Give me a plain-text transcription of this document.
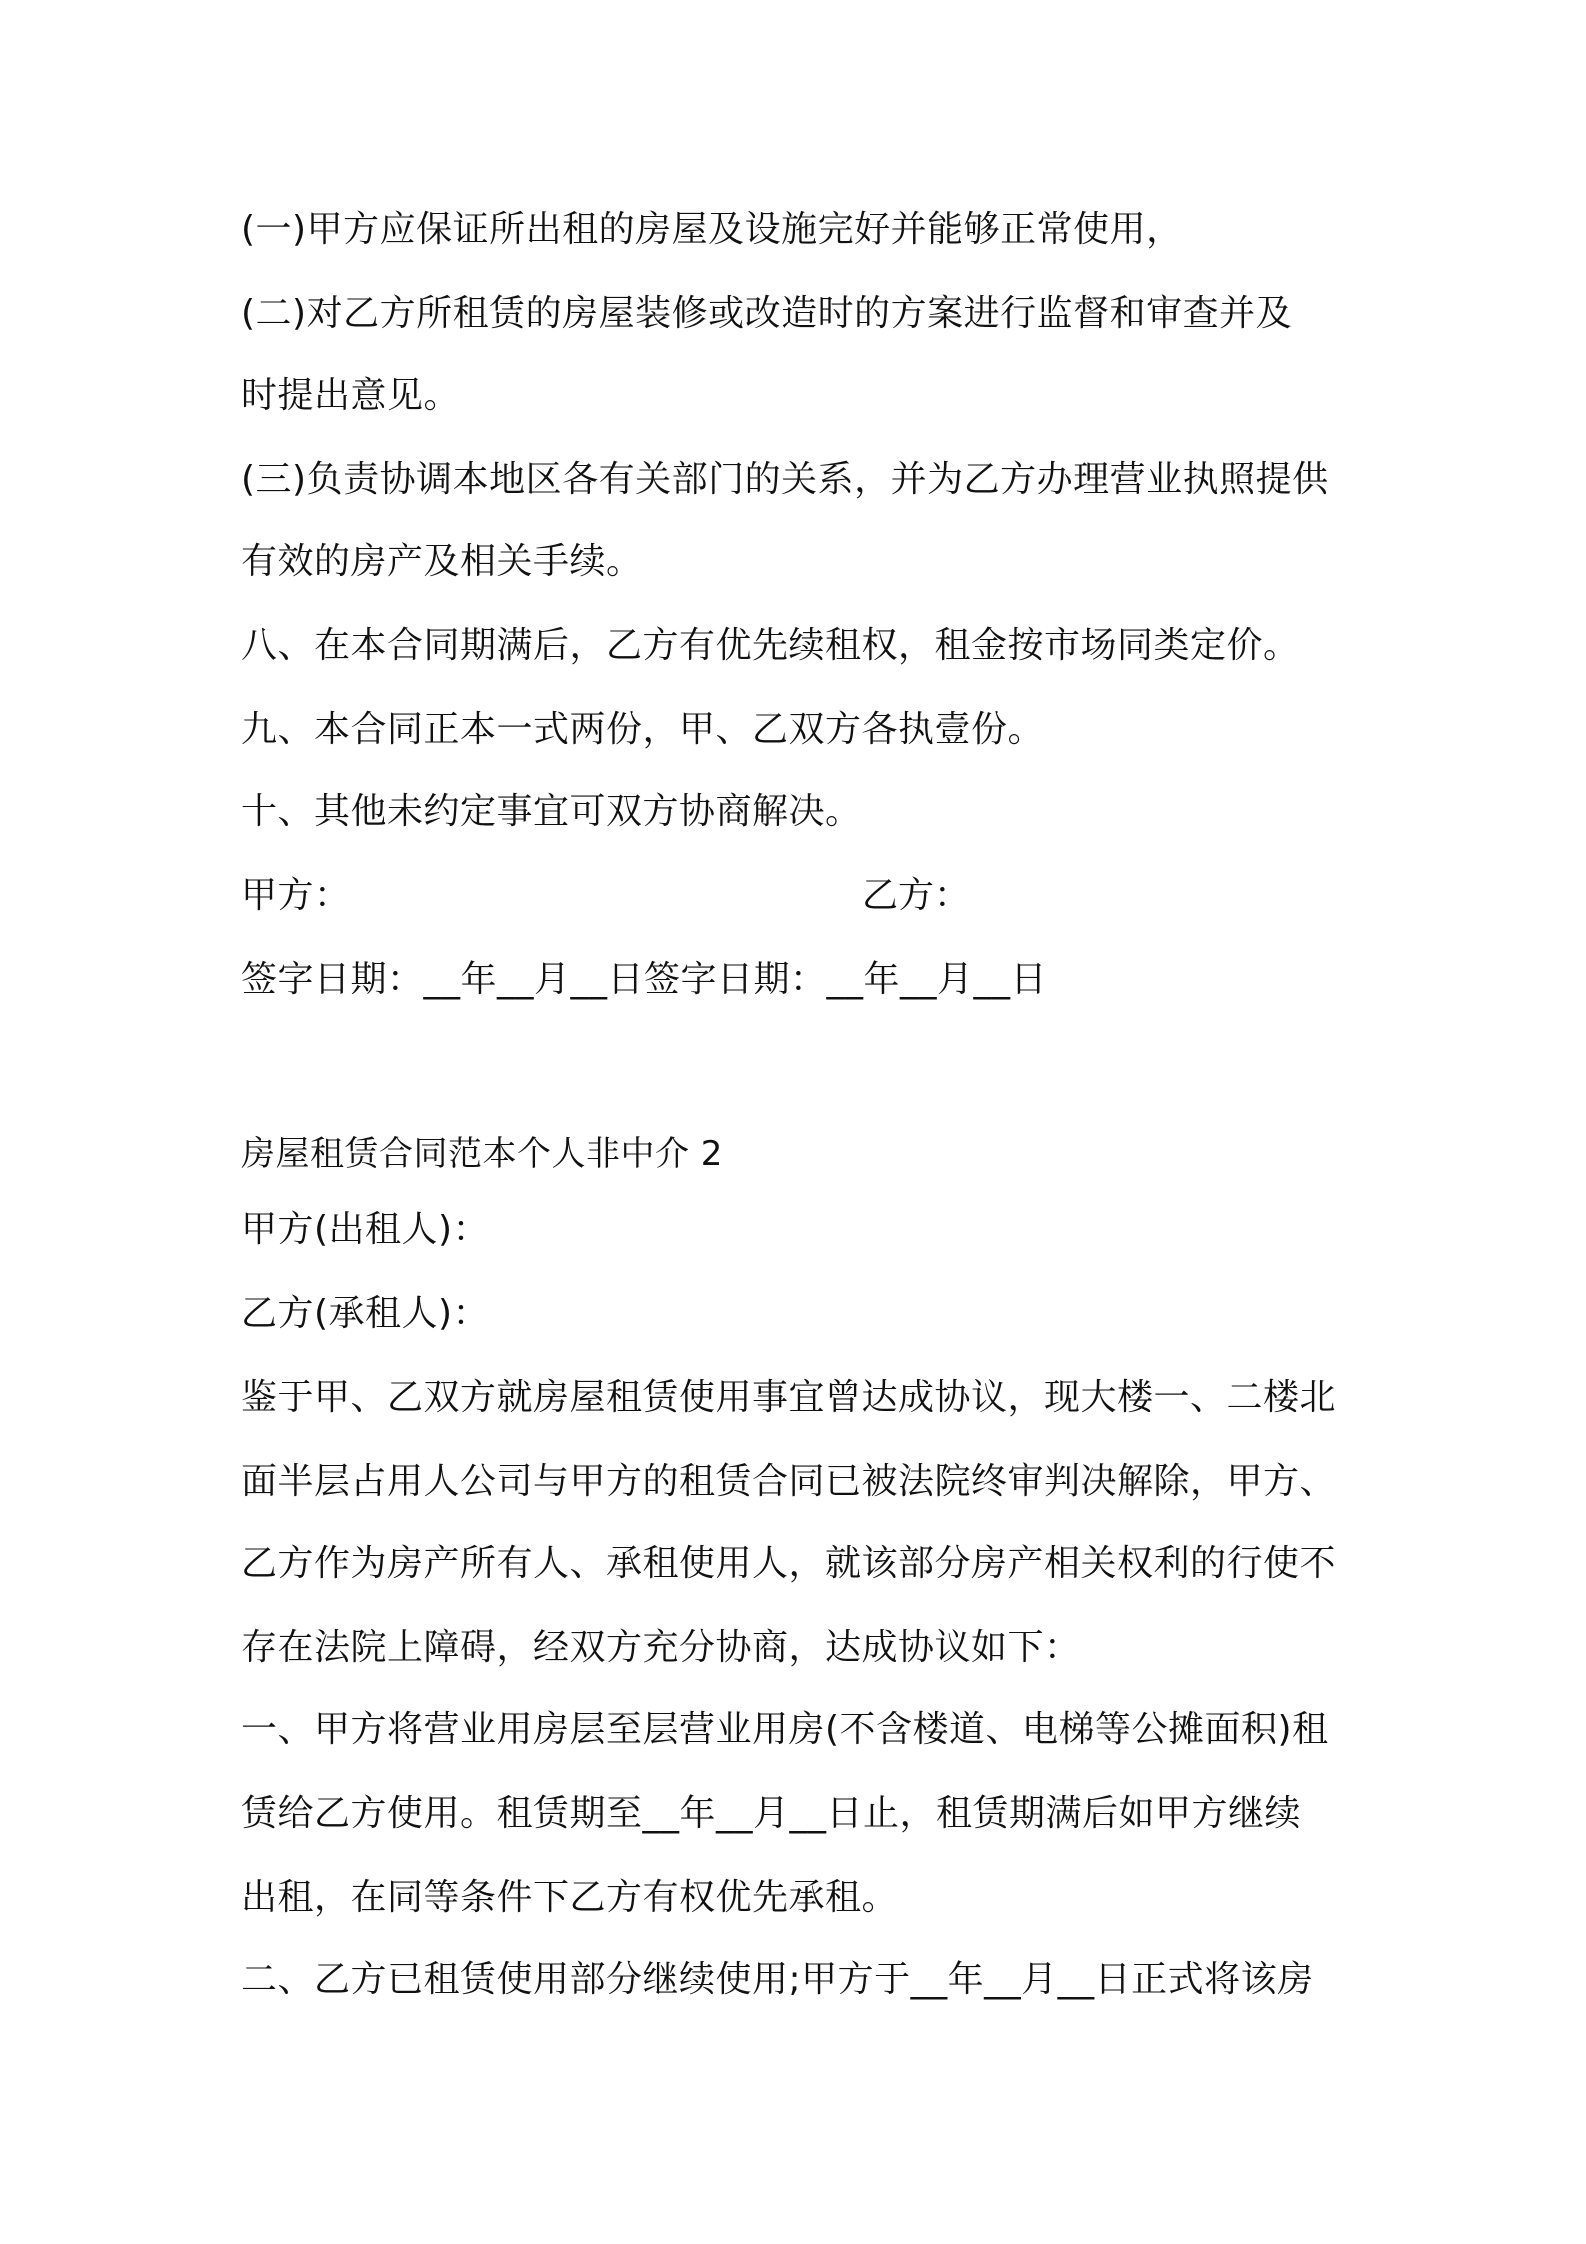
(一)甲方应保证所出租的房屋及设施完好并能够正常使用，
(二)对乙方所租赁的房屋装修或改造时的方案进行监督和审查并及
时提出意见。
(三)负责协调本地区各有关部门的关系，并为乙方办理营业执照提供
有效的房产及相关手续。
八、在本合同期满后，乙方有优先续租权，租金按市场同类定价。
九、本合同正本一式两份，甲、乙双方各执壹份。
十、其他未约定事宜可双方协商解决。
甲方：	乙方：
签字日期：__年__月__日签字日期：__年__月__日
房屋租赁合同范本个人非中介 2
甲方(出租人)：
乙方(承租人)：
鉴于甲、乙双方就房屋租赁使用事宜曾达成协议，现大楼一、二楼北
面半层占用人公司与甲方的租赁合同已被法院终审判决解除，甲方、
乙方作为房产所有人、承租使用人，就该部分房产相关权利的行使不
存在法院上障碍，经双方充分协商，达成协议如下：
一、甲方将营业用房层至层营业用房(不含楼道、电梯等公摊面积)租
赁给乙方使用。租赁期至__年__月__日止，租赁期满后如甲方继续
出租，在同等条件下乙方有权优先承租。
二、乙方已租赁使用部分继续使用;甲方于__年__月__日正式将该房
